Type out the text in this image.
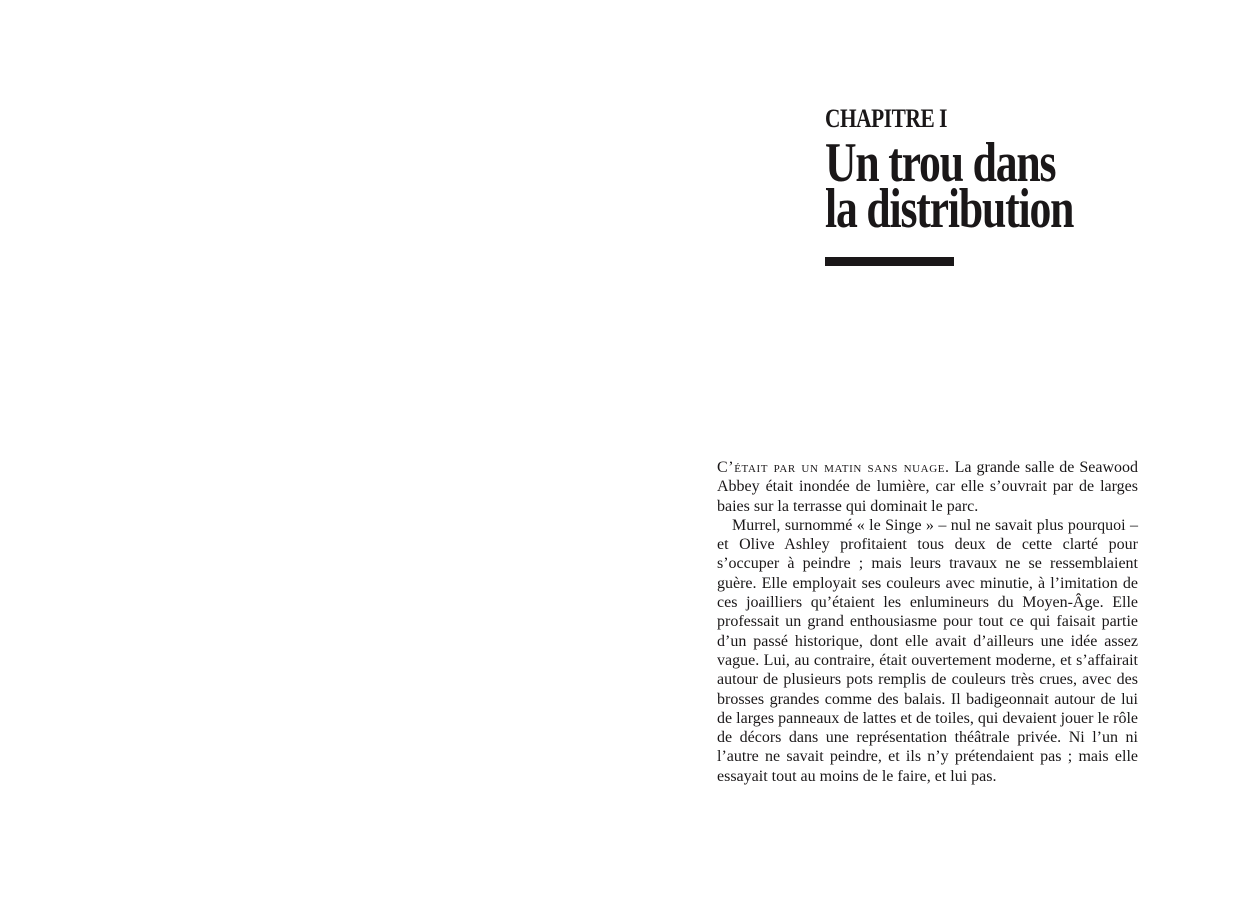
CHAPITRE I
Un trou dans
la distribution

C’était par un matin sans nuage. La grande salle de Seawood Abbey était inondée de lumière, car elle s’ouvrait par de larges baies sur la terrasse qui dominait le parc.

Murrel, surnommé « le Singe » – nul ne savait plus pourquoi – et Olive Ashley profitaient tous deux de cette clarté pour s’occuper à peindre ; mais leurs travaux ne se ressemblaient guère. Elle employait ses couleurs avec minutie, à l’imitation de ces joailliers qu’étaient les enlumineurs du Moyen-Âge. Elle professait un grand enthousiasme pour tout ce qui faisait partie d’un passé historique, dont elle avait d’ailleurs une idée assez vague. Lui, au contraire, était ouvertement moderne, et s’affairait autour de plusieurs pots remplis de couleurs très crues, avec des brosses grandes comme des balais. Il badigeonnait autour de lui de larges panneaux de lattes et de toiles, qui devaient jouer le rôle de décors dans une représentation théâtrale privée. Ni l’un ni l’autre ne savait peindre, et ils n’y prétendaient pas ; mais elle essayait tout au moins de le faire, et lui pas.
